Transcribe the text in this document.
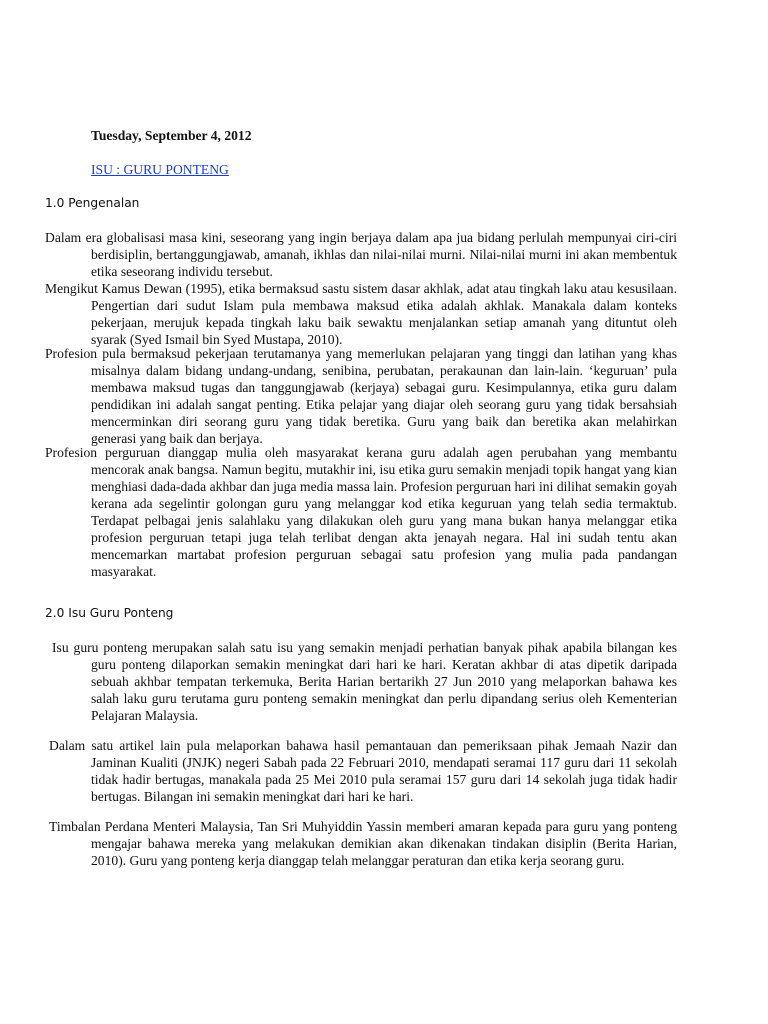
Tuesday, September 4, 2012
ISU : GURU PONTENG
1.0 Pengenalan

Dalam era globalisasi masa kini, seseorang yang ingin berjaya dalam apa jua bidang perlulah mempunyai ciri-ciri berdisiplin, bertanggungjawab, amanah, ikhlas dan nilai-nilai murni. Nilai-nilai murni ini akan membentuk etika seseorang individu tersebut.

Mengikut Kamus Dewan (1995), etika bermaksud sastu sistem dasar akhlak, adat atau tingkah laku atau kesusilaan. Pengertian dari sudut Islam pula membawa maksud etika adalah akhlak. Manakala dalam konteks pekerjaan, merujuk kepada tingkah laku baik sewaktu menjalankan setiap amanah yang dituntut oleh syarak (Syed Ismail bin Syed Mustapa, 2010).

Profesion pula bermaksud pekerjaan terutamanya yang memerlukan pelajaran yang tinggi dan latihan yang khas misalnya dalam bidang undang-undang, senibina, perubatan, perakaunan dan lain-lain. ‘keguruan’ pula membawa maksud tugas dan tanggungjawab (kerjaya) sebagai guru. Kesimpulannya, etika guru dalam pendidikan ini adalah sangat penting. Etika pelajar yang diajar oleh seorang guru yang tidak bersahsiah mencerminkan diri seorang guru yang tidak beretika. Guru yang baik dan beretika akan melahirkan generasi yang baik dan berjaya.

Profesion perguruan dianggap mulia oleh masyarakat kerana guru adalah agen perubahan yang membantu mencorak anak bangsa. Namun begitu, mutakhir ini, isu etika guru semakin menjadi topik hangat yang kian menghiasi dada-dada akhbar dan juga media massa lain. Profesion perguruan hari ini dilihat semakin goyah kerana ada segelintir golongan guru yang melanggar kod etika keguruan yang telah sedia termaktub. Terdapat pelbagai jenis salahlaku yang dilakukan oleh guru yang mana bukan hanya melanggar etika profesion perguruan tetapi juga telah terlibat dengan akta jenayah negara. Hal ini sudah tentu akan mencemarkan martabat profesion perguruan sebagai satu profesion yang mulia pada pandangan masyarakat.

2.0 Isu Guru Ponteng

Isu guru ponteng merupakan salah satu isu yang semakin menjadi perhatian banyak pihak apabila bilangan kes guru ponteng dilaporkan semakin meningkat dari hari ke hari. Keratan akhbar di atas dipetik daripada sebuah akhbar tempatan terkemuka, Berita Harian bertarikh 27 Jun 2010 yang melaporkan bahawa kes salah laku guru terutama guru ponteng semakin meningkat dan perlu dipandang serius oleh Kementerian Pelajaran Malaysia.

Dalam satu artikel lain pula melaporkan bahawa hasil pemantauan dan pemeriksaan pihak Jemaah Nazir dan Jaminan Kualiti (JNJK) negeri Sabah pada 22 Februari 2010, mendapati seramai 117 guru dari 11 sekolah tidak hadir bertugas, manakala pada 25 Mei 2010 pula seramai 157 guru dari 14 sekolah juga tidak hadir bertugas. Bilangan ini semakin meningkat dari hari ke hari.

Timbalan Perdana Menteri Malaysia, Tan Sri Muhyiddin Yassin memberi amaran kepada para guru yang ponteng mengajar bahawa mereka yang melakukan demikian akan dikenakan tindakan disiplin (Berita Harian, 2010). Guru yang ponteng kerja dianggap telah melanggar peraturan dan etika kerja seorang guru.
